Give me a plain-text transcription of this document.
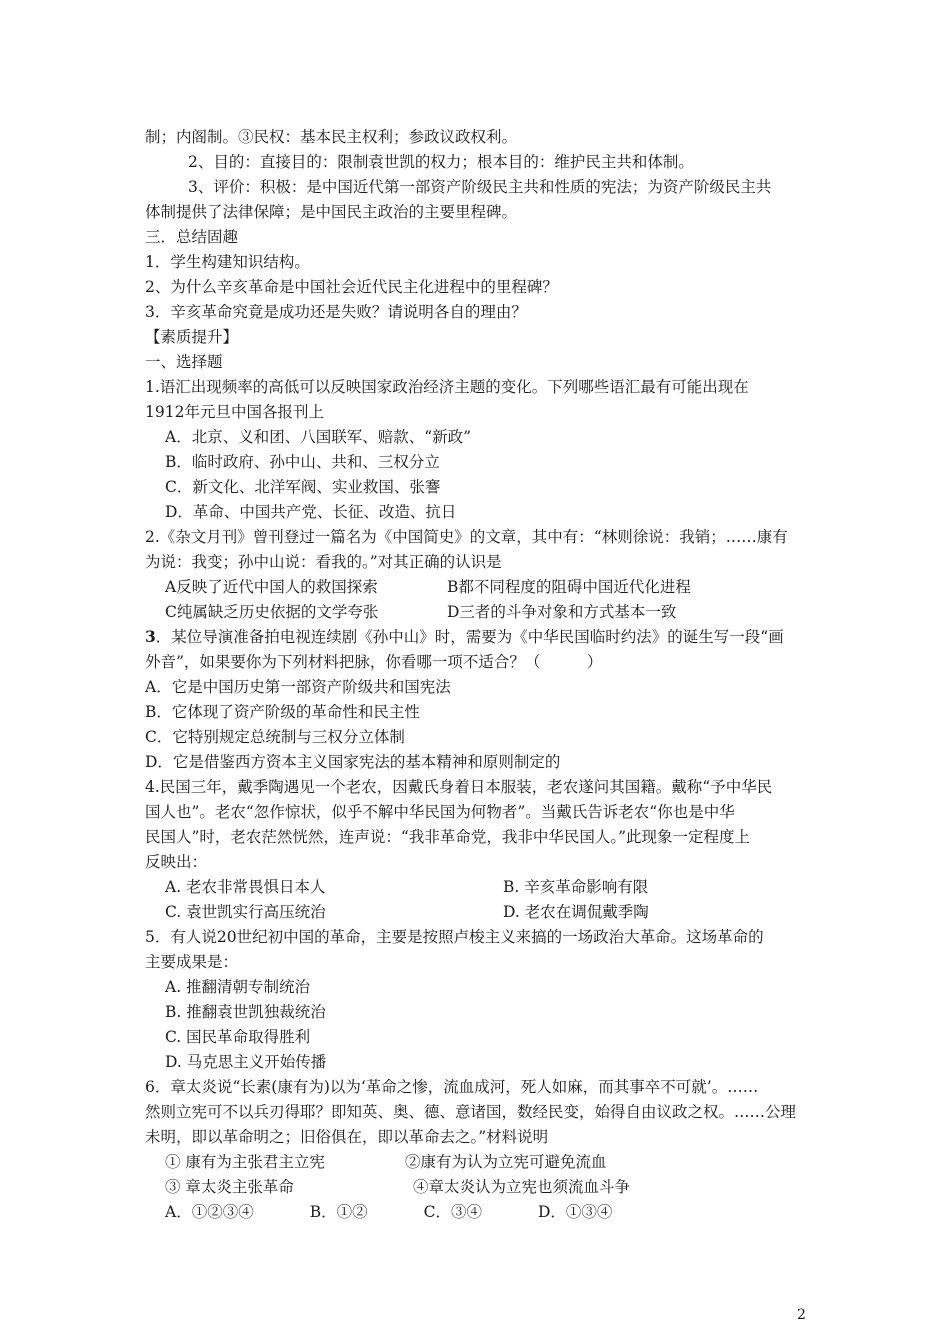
制；内阁制。③民权：基本民主权利；参政议政权利。
2、目的：直接目的：限制袁世凯的权力；根本目的：维护民主共和体制。
3、评价：积极：是中国近代第一部资产阶级民主共和性质的宪法；为资产阶级民主共
体制提供了法律保障；是中国民主政治的主要里程碑。
三．总结固趣
1．学生构建知识结构。
2、为什么辛亥革命是中国社会近代民主化进程中的里程碑？
3．辛亥革命究竟是成功还是失败？请说明各自的理由？
【素质提升】
一、选择题
1.语汇出现频率的高低可以反映国家政治经济主题的变化。下列哪些语汇最有可能出现在
1912年元旦中国各报刊上
A．北京、义和团、八国联军、赔款、“新政”
B．临时政府、孙中山、共和、三权分立
C．新文化、北洋军阀、实业救国、张謇
D．革命、中国共产党、长征、改造、抗日
2.《杂文月刊》曾刊登过一篇名为《中国简史》的文章，其中有：“林则徐说：我销；……康有
为说：我变；孙中山说：看我的。”对其正确的认识是
A反映了近代中国人的救国探索	B都不同程度的阻碍中国近代化进程
C纯属缺乏历史依据的文学夸张	D三者的斗争对象和方式基本一致
3．某位导演准备拍电视连续剧《孙中山》时，需要为《中华民国临时约法》的诞生写一段“画
外音”，如果要你为下列材料把脉，你看哪一项不适合？（　　　）
A．它是中国历史第一部资产阶级共和国宪法
B．它体现了资产阶级的革命性和民主性
C．它特别规定总统制与三权分立体制
D．它是借鉴西方资本主义国家宪法的基本精神和原则制定的
4.民国三年，戴季陶遇见一个老农，因戴氏身着日本服装，老农遂问其国籍。戴称“予中华民
国人也”。老农“忽作惊状，似乎不解中华民国为何物者”。当戴氏告诉老农“你也是中华
民国人”时，老农茫然恍然，连声说：“我非革命党，我非中华民国人。”此现象一定程度上
反映出：
A. 老农非常畏惧日本人	B. 辛亥革命影响有限
C. 袁世凯实行高压统治	D. 老农在调侃戴季陶
5．有人说20世纪初中国的革命，主要是按照卢梭主义来搞的一场政治大革命。这场革命的
主要成果是：
A. 推翻清朝专制统治
B. 推翻袁世凯独裁统治
C. 国民革命取得胜利
D. 马克思主义开始传播
6．章太炎说“长素(康有为)以为‘革命之惨，流血成河，死人如麻，而其事卒不可就’。……
然则立宪可不以兵刃得耶？即知英、奥、德、意诸国，数经民变，始得自由议政之权。……公理
未明，即以革命明之；旧俗俱在，即以革命去之。”材料说明
① 康有为主张君主立宪	②康有为认为立宪可避免流血
③ 章太炎主张革命	④章太炎认为立宪也须流血斗争
A．①②③④	B．①②	C．③④	D．①③④
2
